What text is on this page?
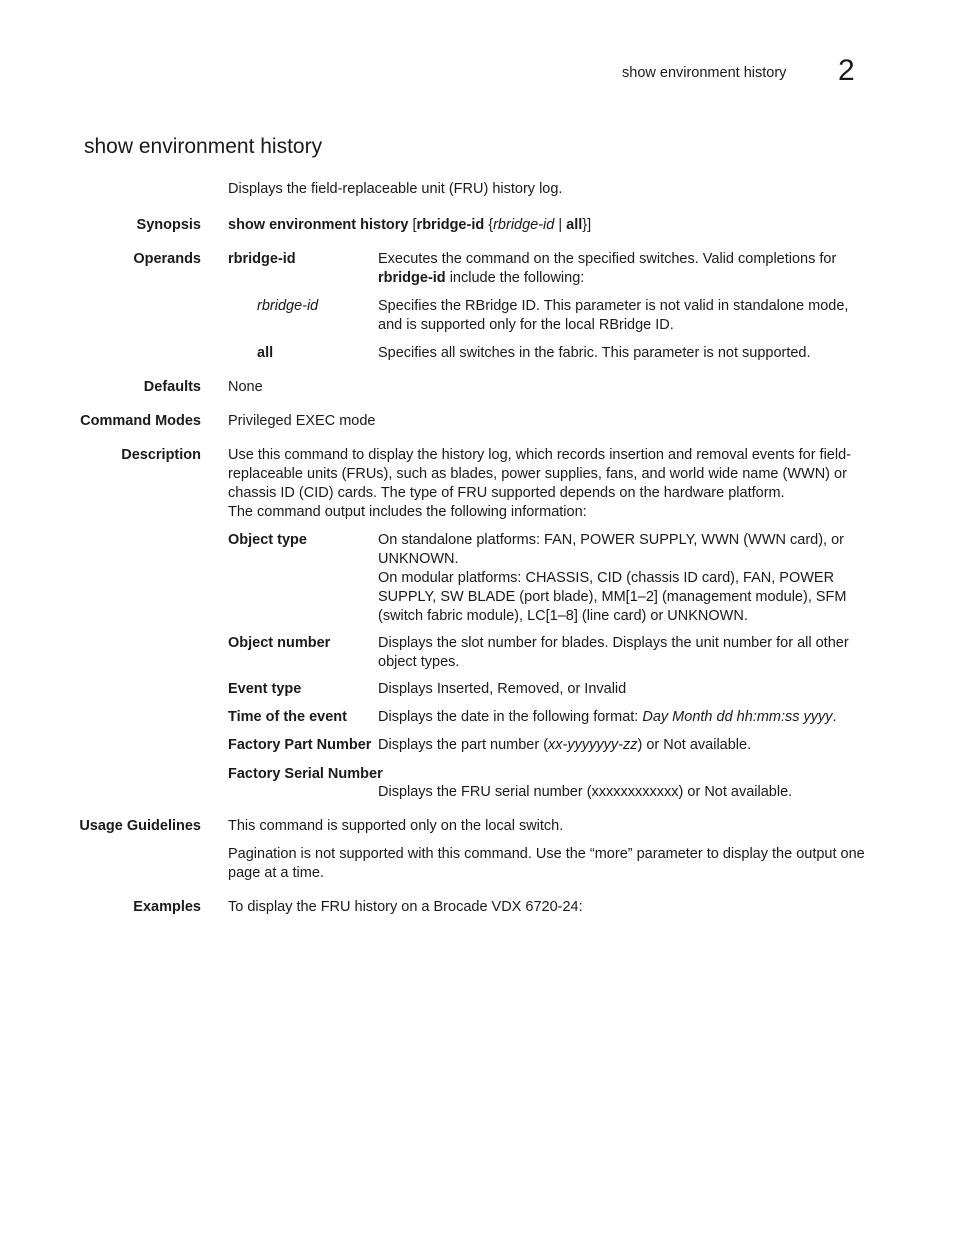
show environment history 2
show environment history
Displays the field-replaceable unit (FRU) history log.
Synopsis show environment history [rbridge-id {rbridge-id | all}]
Operands rbridge-id	Executes the command on the specified switches. Valid completions for rbridge-id include the following:
rbridge-id	Specifies the RBridge ID. This parameter is not valid in standalone mode, and is supported only for the local RBridge ID.
all	Specifies all switches in the fabric. This parameter is not supported.
Defaults None
Command Modes Privileged EXEC mode
Description Use this command to display the history log, which records insertion and removal events for field-replaceable units (FRUs), such as blades, power supplies, fans, and world wide name (WWN) or chassis ID (CID) cards. The type of FRU supported depends on the hardware platform.
The command output includes the following information:
Object type	On standalone platforms: FAN, POWER SUPPLY, WWN (WWN card), or UNKNOWN.
On modular platforms: CHASSIS, CID (chassis ID card), FAN, POWER SUPPLY, SW BLADE (port blade), MM[1–2] (management module), SFM (switch fabric module), LC[1–8] (line card) or UNKNOWN.
Object number	Displays the slot number for blades. Displays the unit number for all other object types.
Event type	Displays Inserted, Removed, or Invalid
Time of the event Displays the date in the following format: Day Month dd hh:mm:ss yyyy.
Factory Part Number Displays the part number (xx-yyyyyyy-zz) or Not available.
Factory Serial Number
Displays the FRU serial number (xxxxxxxxxxxx) or Not available.
Usage Guidelines This command is supported only on the local switch.
Pagination is not supported with this command. Use the “more” parameter to display the output one page at a time.
Examples To display the FRU history on a Brocade VDX 6720-24:
